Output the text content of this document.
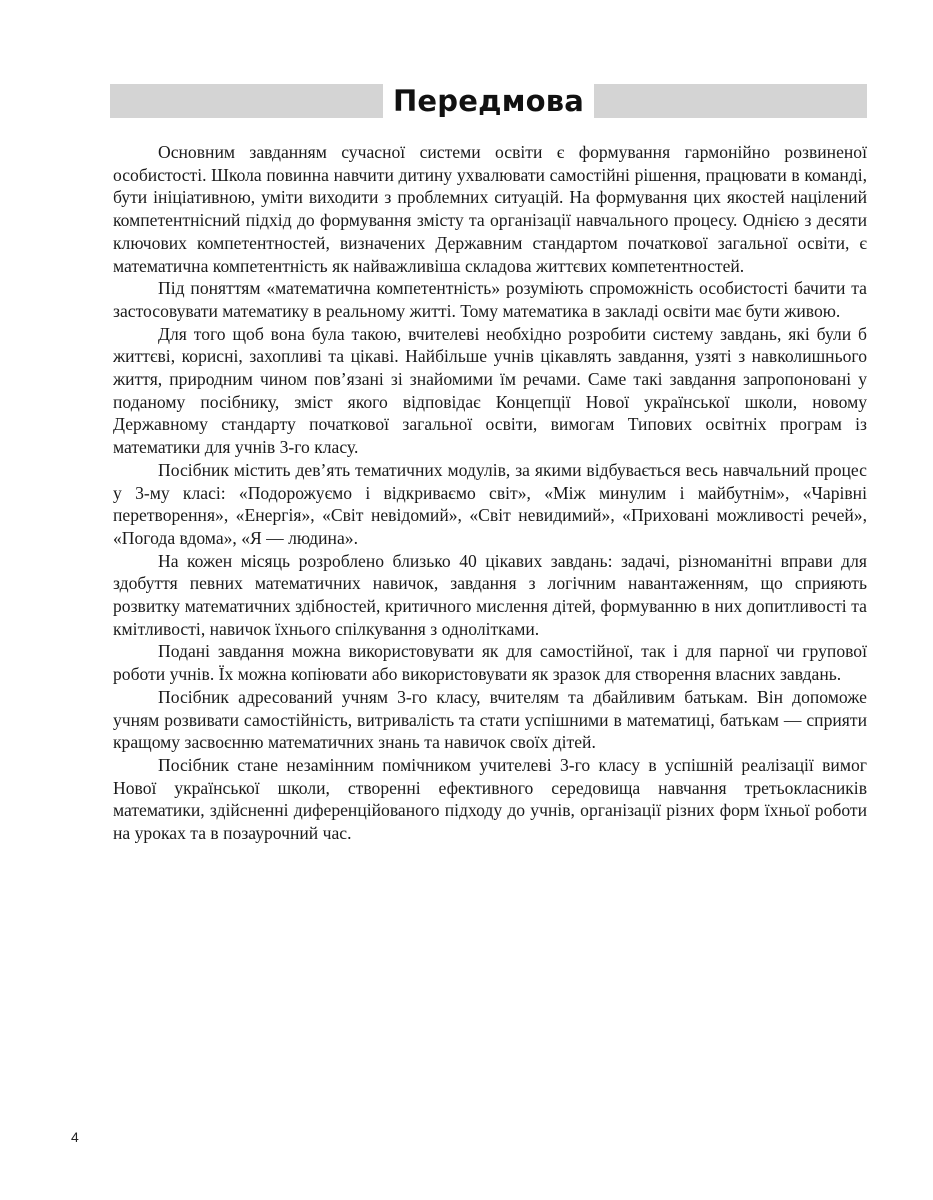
Передмова

Основним завданням сучасної системи освіти є формування гармонійно розвиненої особистості. Школа повинна навчити дитину ухвалювати самостійні рішення, працювати в команді, бути ініціативною, уміти виходити з проблемних ситуацій. На формування цих якостей націлений компетентнісний підхід до формування змісту та організації навчального процесу. Однією з десяти ключових компетентностей, визначених Державним стандартом початкової загальної освіти, є математична компетентність як найважливіша складова життєвих компетентностей.

Під поняттям «математична компетентність» розуміють спроможність особистості бачити та застосовувати математику в реальному житті. Тому математика в закладі освіти має бути живою.

Для того щоб вона була такою, вчителеві необхідно розробити систему завдань, які були б життєві, корисні, захопливі та цікаві. Найбільше учнів цікавлять завдання, узяті з навколишнього життя, природним чином пов’язані зі знайомими їм речами. Саме такі завдання запропоновані у поданому посібнику, зміст якого відповідає Концепції Нової української школи, новому Державному стандарту початкової загальної освіти, вимогам Типових освітніх програм із математики для учнів 3-го класу.

Посібник містить дев’ять тематичних модулів, за якими відбувається весь навчальний процес у 3-му класі: «Подорожуємо і відкриваємо світ», «Між минулим і майбутнім», «Чарівні перетворення», «Енергія», «Світ невідомий», «Світ невидимий», «Приховані можливості речей», «Погода вдома», «Я — людина».

На кожен місяць розроблено близько 40 цікавих завдань: задачі, різноманітні вправи для здобуття певних математичних навичок, завдання з логічним навантаженням, що сприяють розвитку математичних здібностей, критичного мислення дітей, формуванню в них допитливості та кмітливості, навичок їхнього спілкування з однолітками.

Подані завдання можна використовувати як для самостійної, так і для парної чи групової роботи учнів. Їх можна копіювати або використовувати як зразок для створення власних завдань.

Посібник адресований учням 3-го класу, вчителям та дбайливим батькам. Він допоможе учням розвивати самостійність, витривалість та стати успішними в математиці, батькам — сприяти кращому засвоєнню математичних знань та навичок своїх дітей.

Посібник стане незамінним помічником учителеві 3-го класу в успішній реалізації вимог Нової української школи, створенні ефективного середовища навчання третьокласників математики, здійсненні диференційованого підходу до учнів, організації різних форм їхньої роботи на уроках та в позаурочний час.

4
